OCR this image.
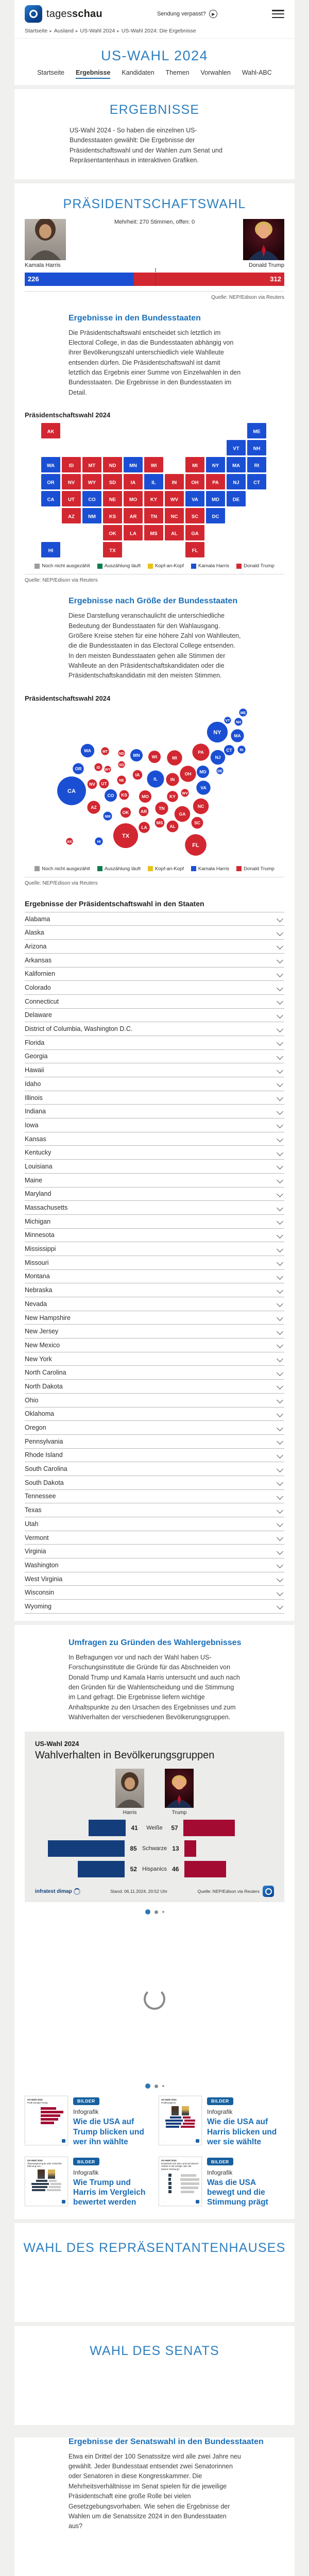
tagesschau	Sendung verpasst?	▶
Startseite ▸ Ausland ▸ US-Wahl 2024 ▸ US-Wahl 2024: Die Ergebnisse
US-WAHL 2024
Startseite Ergebnisse Kandidaten Themen Vorwahlen Wahl-ABC
ERGEBNISSE

US-Wahl 2024 - So haben die einzelnen US-Bundesstaaten gewählt: Die Ergebnisse der Präsidentschaftswahl und der Wahlen zum Senat und Repräsentantenhaus in interaktiven Grafiken.

PRÄSIDENTSCHAFTSWAHL
Mehrheit: 270 Stimmen, offen: 0
Kamala Harris	Donald Trump
226	312
Quelle: NEP/Edison via Reuters
Ergebnisse in den Bundesstaaten

Die Präsidentschaftswahl entscheidet sich letztlich im Electoral College, in das die Bundesstaaten abhängig von ihrer Bevölkerungszahl unterschiedlich viele Wahlleute entsenden dürfen. Die Präsidentschaftswahl ist damit letztlich das Ergebnis einer Summe von Einzelwahlen in den Bundesstaaten. Die Ergebnisse in den Bundesstaaten im Detail.

Präsidentschaftswahl 2024
AL
AK
AZ	AR
CA	CO
CT
DE
DC
FL
GA
HI
ID
IL	IN
IA
KS
KY
LA
ME
MD
MA
MI
MN
MS
MO
MT
NE
NV
NH
NJ
NM
NY
NC
ND
OH
OK
OR	PA
RI
SC
SD
TN
TX
UT
VT
VA
WA
WV
WI
WY
Noch nicht ausgezählt	Auszählung läuft	Kopf-an-Kopf	Kamala Harris	Donald Trump
Quelle: NEP/Edison via Reuters
Ergebnisse nach Größe der Bundesstaaten

Diese Darstellung veranschaulicht die unterschiedliche Bedeutung der Bundesstaaten für den Wahlausgang. Größere Kreise stehen für eine höhere Zahl von Wahlleuten, die die Bundesstaaten in das Electoral College entsenden. In den meisten Bundesstaaten gehen alle Stimmen der Wahlleute an den Präsidentschaftskandidaten oder die Präsidentschaftskandidatin mit den meisten Stimmen.

Präsidentschaftswahl 2024
AL
AK
AZ
AR
CA
CO
CT
DE
FL
GA
HI
ID
IL	IN
IA
KS	KY
LA
ME
MD
MA
MI
MN
MS
MO
MT
NE
NV
NH
NJ
NM
NY
NC
ND
OH
OK
OR
PA	RI
SC
SD
TN
TX
UT
VT
VA
WA
WV
WI
WY
Noch nicht ausgezählt	Auszählung läuft	Kopf-an-Kopf	Kamala Harris	Donald Trump
Quelle: NEP/Edison via Reuters
Ergebnisse der Präsidentschaftswahl in den Staaten
Alabama
Alaska
Arizona
Arkansas
Kalifornien
Colorado
Connecticut
Delaware
District of Columbia, Washington D.C.
Florida
Georgia
Hawaii
Idaho
Illinois
Indiana
Iowa
Kansas
Kentucky
Louisiana
Maine
Maryland
Massachusetts
Michigan
Minnesota
Mississippi
Missouri
Montana
Nebraska
Nevada
New Hampshire
New Jersey
New Mexico
New York
North Carolina
North Dakota
Ohio
Oklahoma
Oregon
Pennsylvania
Rhode Island
South Carolina
South Dakota
Tennessee
Texas
Utah
Vermont
Virginia
Washington
West Virginia
Wisconsin
Wyoming
Umfragen zu Gründen des Wahlergebnisses

In Befragungen vor und nach der Wahl haben US-Forschungsinstitute die Gründe für das Abschneiden von Donald Trump und Kamala Harris untersucht und auch nach den Gründen für die Wahlentscheidung und die Stimmung im Land gefragt. Die Ergebnisse liefern wichtige Anhaltspunkte zu den Ursachen des Ergebnisses und zum Wahlverhalten der verschiedenen Bevölkerungsgruppen.

US-Wahl 2024
Wahlverhalten in Bevölkerungsgruppen
Harris	Trump
41	Weiße	57
85 Schwarze 13
52 Hispanics 46
infratest dimap	Stand: 06.11.2024, 20:52 Uhr	Quelle: NEP/Edison via Reuters
US-Wahl 2024
Profil Donald Trump
··· ···
BILDER
Infografik
Wie die USA auf Trump blicken und wer ihn wählte
US-Wahl 2024
Profilvergleich
··· ···
BILDER
Infografik
Wie die USA auf Harris blicken und wer sie wählte
US-Wahl 2024
Überwiegend gute oder schlechte Meinung von...
··· ···
BILDER
Infografik
Wie Trump und Harris im Vergleich bewertet werden
US-Wahl 2024
Entwickelt sich das Land auf diesem Gebiet in die richtige oder die falsche Richtung?
··· ···
BILDER
Infografik
Was die USA bewegt und die Stimmung prägt
WAHL DES REPRÄSENTANTENHAUSES
WAHL DES SENATS
Ergebnisse der Senatswahl in den Bundesstaaten

Etwa ein Drittel der 100 Senatssitze wird alle zwei Jahre neu gewählt. Jeder Bundesstaat entsendet zwei Senatorinnen oder Senatoren in diese Kongresskammer. Die Mehrheitsverhältnisse im Senat spielen für die jeweilige Präsidentschaft eine große Rolle bei vielen Gesetzgebungsvorhaben. Wie sehen die Ergebnisse der Wahlen um die Senatssitze 2024 in den Bundesstaaten aus?
